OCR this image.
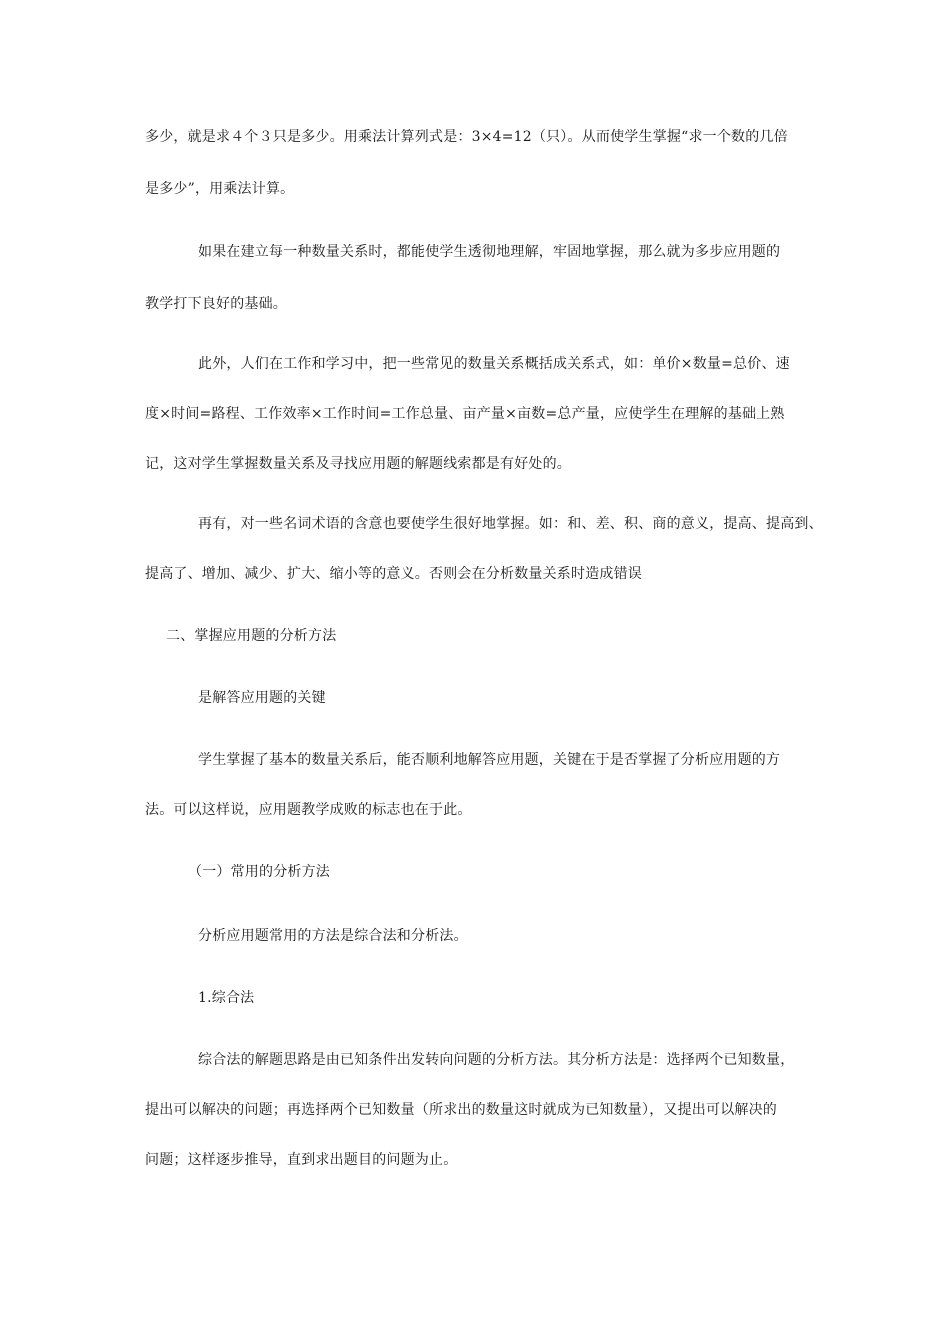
多少，就是求４个３只是多少。用乘法计算列式是：3×4=12（只）。从而使学生掌握“求一个数的几倍
是多少”，用乘法计算。
如果在建立每一种数量关系时，都能使学生透彻地理解，牢固地掌握，那么就为多步应用题的
教学打下良好的基础。
此外，人们在工作和学习中，把一些常见的数量关系概括成关系式，如：单价×数量=总价、速
度×时间=路程、工作效率×工作时间=工作总量、亩产量×亩数=总产量，应使学生在理解的基础上熟
记，这对学生掌握数量关系及寻找应用题的解题线索都是有好处的。
再有，对一些名词术语的含意也要使学生很好地掌握。如：和、差、积、商的意义，提高、提高到、
提高了、增加、减少、扩大、缩小等的意义。否则会在分析数量关系时造成错误
二、掌握应用题的分析方法
是解答应用题的关键
学生掌握了基本的数量关系后，能否顺利地解答应用题，关键在于是否掌握了分析应用题的方
法。可以这样说，应用题教学成败的标志也在于此。
（一）常用的分析方法
分析应用题常用的方法是综合法和分析法。
1.综合法
综合法的解题思路是由已知条件出发转向问题的分析方法。其分析方法是：选择两个已知数量，
提出可以解决的问题；再选择两个已知数量（所求出的数量这时就成为已知数量），又提出可以解决的
问题；这样逐步推导，直到求出题目的问题为止。
